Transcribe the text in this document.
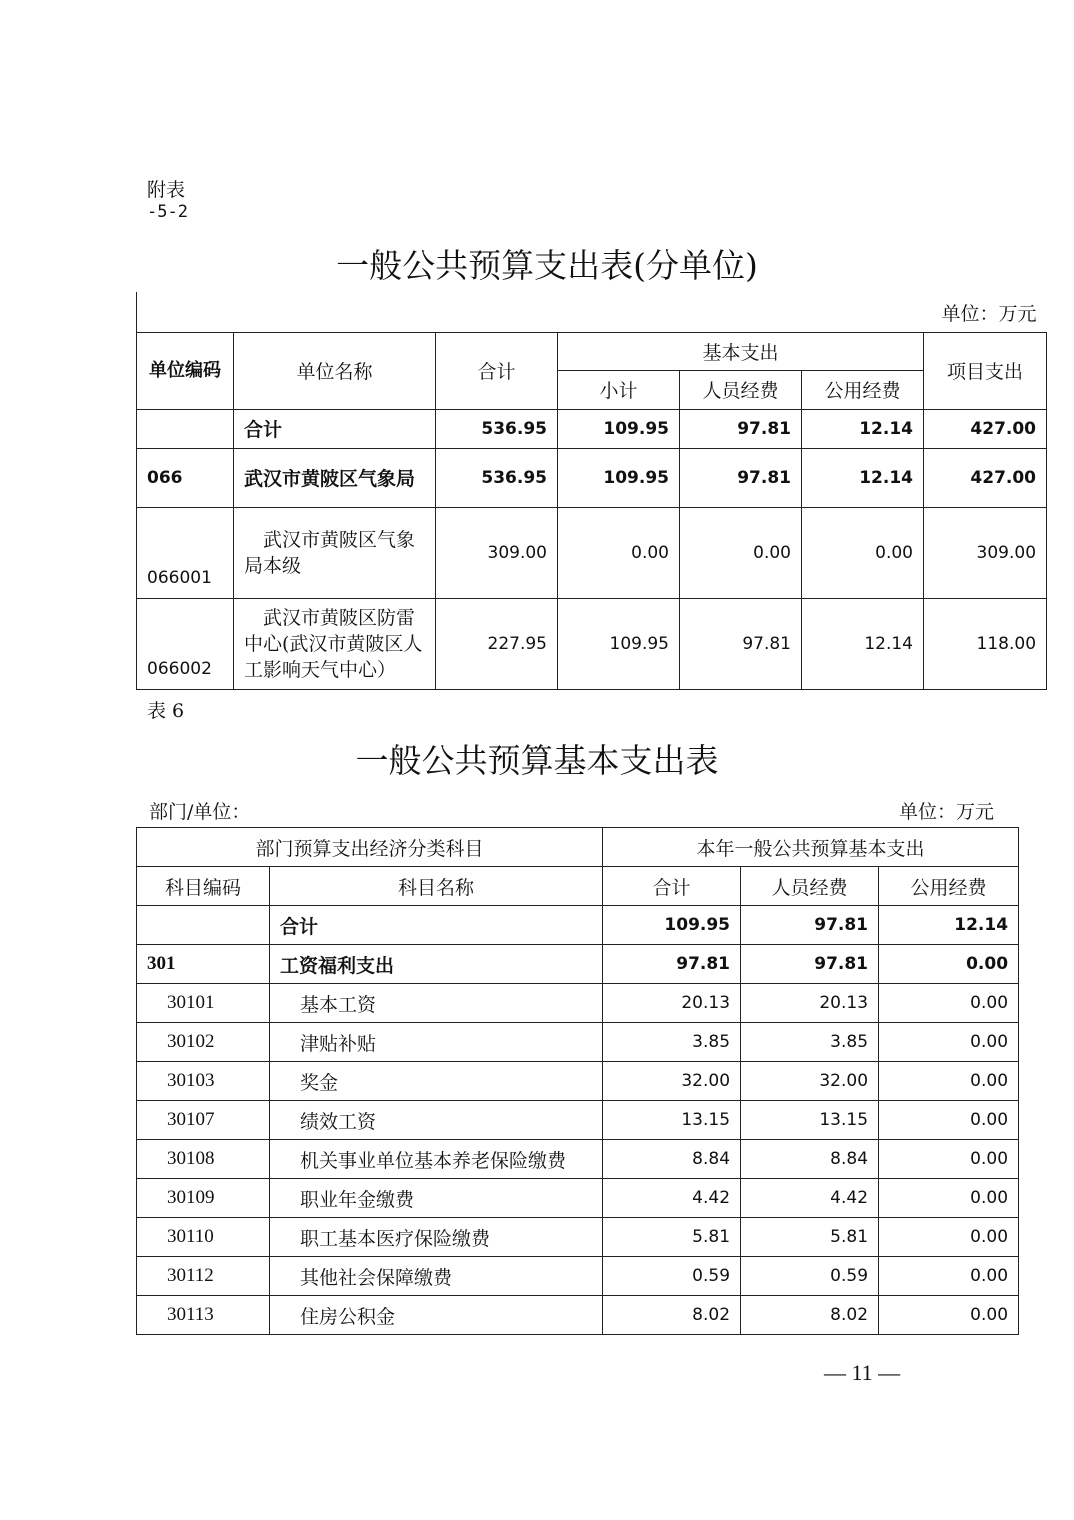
附表
-5-2
一般公共预算支出表(分单位)
单位：万元						
单位编码	单位名称	合计	基本支出			项目支出
			小计	人员经费	公用经费	
	合计	536.95	109.95	97.81	12.14	427.00
066	武汉市黄陂区气象局	536.95	109.95	97.81	12.14	427.00
066001	武汉市黄陂区气象局本级	309.00	0.00	0.00	0.00	309.00
066002	武汉市黄陂区防雷中心(武汉市黄陂区人工影响天气中心）	227.95	109.95	97.81	12.14	118.00
表 6
一般公共预算基本支出表
部门/单位：	单位：万元
部门预算支出经济分类科目		本年一般公共预算基本支出		
科目编码	科目名称	合计	人员经费	公用经费
	合计	109.95	97.81	12.14
301	工资福利支出	97.81	97.81	0.00
30101	基本工资	20.13	20.13	0.00
30102	津贴补贴	3.85	3.85	0.00
30103	奖金	32.00	32.00	0.00
30107	绩效工资	13.15	13.15	0.00
30108	机关事业单位基本养老保险缴费	8.84	8.84	0.00
30109	职业年金缴费	4.42	4.42	0.00
30110	职工基本医疗保险缴费	5.81	5.81	0.00
30112	其他社会保障缴费	0.59	0.59	0.00
30113	住房公积金	8.02	8.02	0.00
— 11 —
